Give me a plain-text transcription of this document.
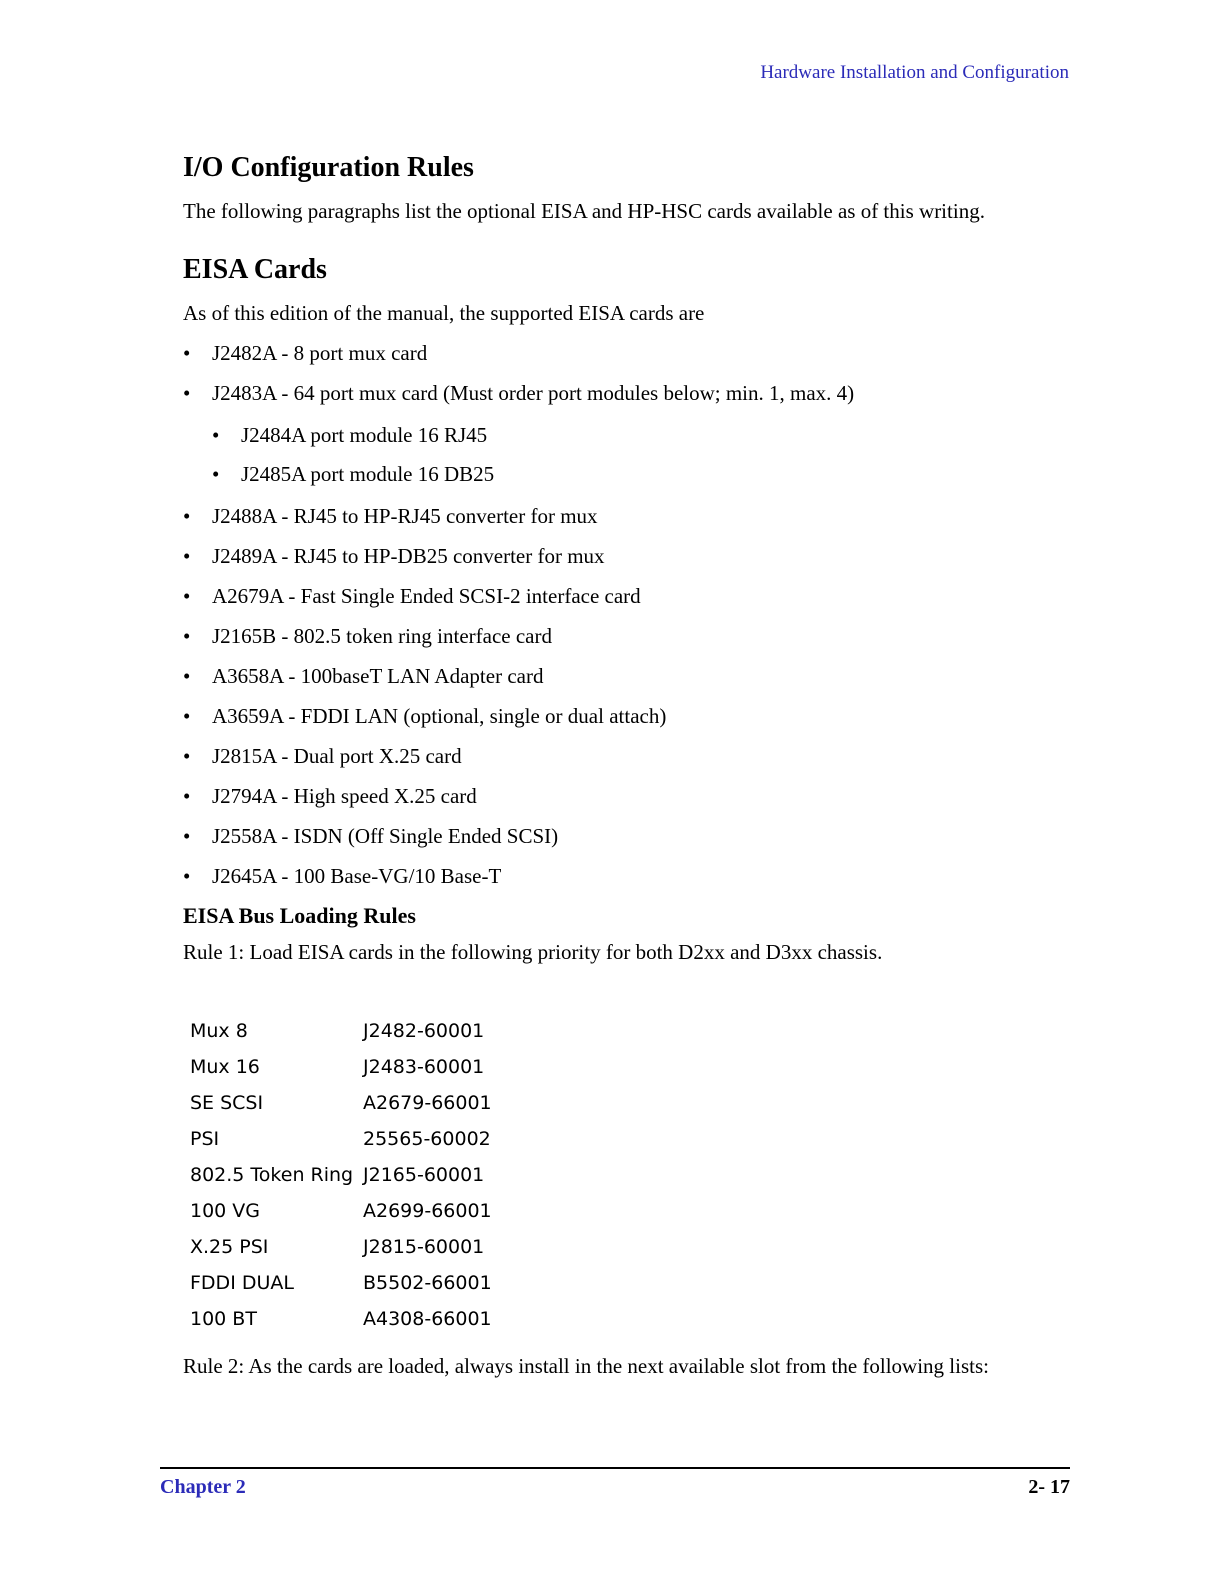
Hardware Installation and Configuration
I/O Configuration Rules

The following paragraphs list the optional EISA and HP-HSC cards available as of this writing.

EISA Cards

As of this edition of the manual, the supported EISA cards are

• J2482A - 8 port mux card
• J2483A - 64 port mux card (Must order port modules below; min. 1, max. 4)
• J2484A port module 16 RJ45
• J2485A port module 16 DB25
• J2488A - RJ45 to HP-RJ45 converter for mux
• J2489A - RJ45 to HP-DB25 converter for mux
• A2679A - Fast Single Ended SCSI-2 interface card
• J2165B - 802.5 token ring interface card
• A3658A - 100baseT LAN Adapter card
• A3659A - FDDI LAN (optional, single or dual attach)
• J2815A - Dual port X.25 card
• J2794A - High speed X.25 card
• J2558A - ISDN (Off Single Ended SCSI)
• J2645A - 100 Base-VG/10 Base-T
EISA Bus Loading Rules

Rule 1: Load EISA cards in the following priority for both D2xx and D3xx chassis.

Mux 8	J2482-60001
Mux 16	J2483-60001
SE SCSI	A2679-66001
PSI	25565-60002
802.5 Token Ring	J2165-60001
100 VG	A2699-66001
X.25 PSI	J2815-60001
FDDI DUAL	B5502-66001
100 BT	A4308-66001

Rule 2: As the cards are loaded, always install in the next available slot from the following lists:

Chapter 2	2- 17
